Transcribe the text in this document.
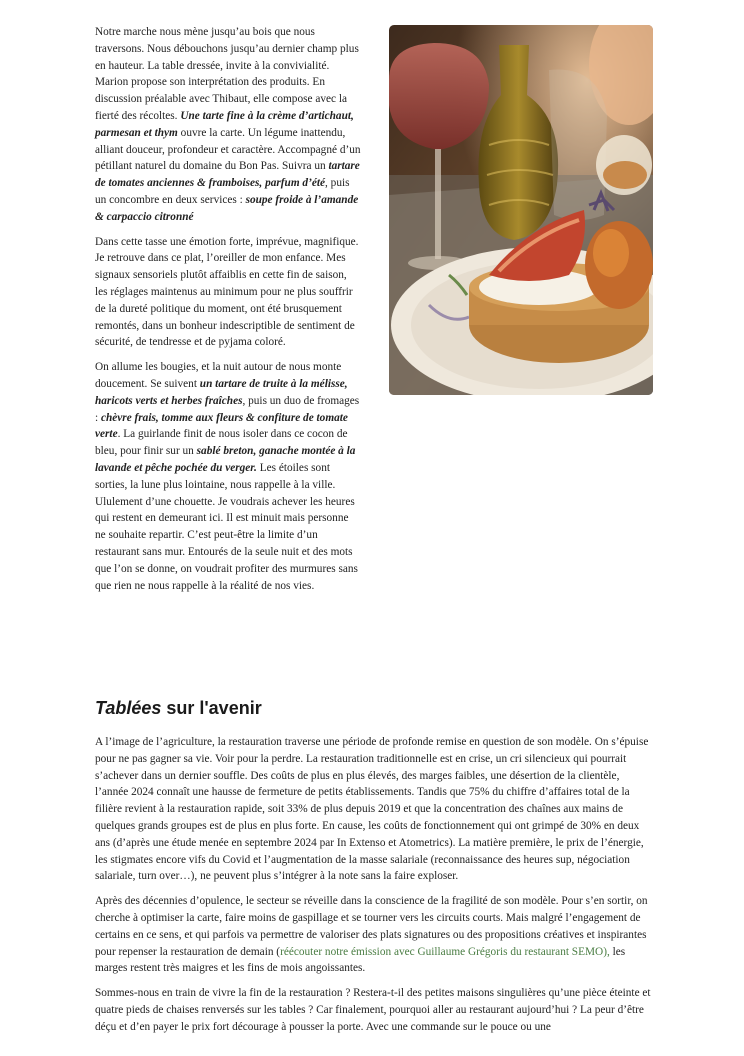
Notre marche nous mène jusqu’au bois que nous traversons. Nous débouchons jusqu’au dernier champ plus en hauteur. La table dressée, invite à la convivialité. Marion propose son interprétation des produits. En discussion préalable avec Thibaut, elle compose avec la fierté des récoltes. Une tarte fine à la crème d’artichaut, parmesan et thym ouvre la carte. Un légume inattendu, alliant douceur, profondeur et caractère. Accompagné d’un pétillant naturel du domaine du Bon Pas. Suivra un tartare de tomates anciennes & framboises, parfum d’été, puis un concombre en deux services : soupe froide à l’amande & carpaccio citronné

Dans cette tasse une émotion forte, imprévue, magnifique. Je retrouve dans ce plat, l’oreiller de mon enfance. Mes signaux sensoriels plutôt affaiblis en cette fin de saison, les réglages maintenus au minimum pour ne plus souffrir de la dureté politique du moment, ont été brusquement remontés, dans un bonheur indescriptible de sentiment de sécurité, de tendresse et de pyjama coloré.

On allume les bougies, et la nuit autour de nous monte doucement. Se suivent un tartare de truite à la mélisse, haricots verts et herbes fraîches, puis un duo de fromages : chèvre frais, tomme aux fleurs & confiture de tomate verte. La guirlande finit de nous isoler dans ce cocon de bleu, pour finir sur un sablé breton, ganache montée à la lavande et pêche pochée du verger. Les étoiles sont sorties, la lune plus lointaine, nous rappelle à la ville. Ululement d’une chouette. Je voudrais achever les heures qui restent en demeurant ici. Il est minuit mais personne ne souhaite repartir. C’est peut-être la limite d’un restaurant sans mur. Entourés de la seule nuit et des mots que l’on se donne, on voudrait profiter des murmures sans que rien ne nous rappelle à la réalité de nos vies.

Tablées sur l'avenir

A l’image de l’agriculture, la restauration traverse une période de profonde remise en question de son modèle. On s’épuise pour ne pas gagner sa vie. Voir pour la perdre. La restauration traditionnelle est en crise, un cri silencieux qui pourrait s’achever dans un dernier souffle. Des coûts de plus en plus élevés, des marges faibles, une désertion de la clientèle, l’année 2024 connaît une hausse de fermeture de petits établissements. Tandis que 75% du chiffre d’affaires total de la filière revient à la restauration rapide, soit 33% de plus depuis 2019 et que la concentration des chaînes aux mains de quelques grands groupes est de plus en plus forte. En cause, les coûts de fonctionnement qui ont grimpé de 30% en deux ans (d’après une étude menée en septembre 2024 par In Extenso et Atometrics). La matière première, le prix de l’énergie, les stigmates encore vifs du Covid et l’augmentation de la masse salariale (reconnaissance des heures sup, négociation salariale, turn over…), ne peuvent plus s’intégrer à la note sans la faire exploser.

Après des décennies d’opulence, le secteur se réveille dans la conscience de la fragilité de son modèle. Pour s’en sortir, on cherche à optimiser la carte, faire moins de gaspillage et se tourner vers les circuits courts. Mais malgré l’engagement de certains en ce sens, et qui parfois va permettre de valoriser des plats signatures ou des propositions créatives et inspirantes pour repenser la restauration de demain (réécouter notre émission avec Guillaume Grégoris du restaurant SEMO), les marges restent très maigres et les fins de mois angoissantes.

Sommes-nous en train de vivre la fin de la restauration ? Restera-t-il des petites maisons singulières qu’une pièce éteinte et quatre pieds de chaises renversés sur les tables ? Car finalement, pourquoi aller au restaurant aujourd’hui ? La peur d’être déçu et d’en payer le prix fort décourage à pousser la porte. Avec une commande sur le pouce ou une
